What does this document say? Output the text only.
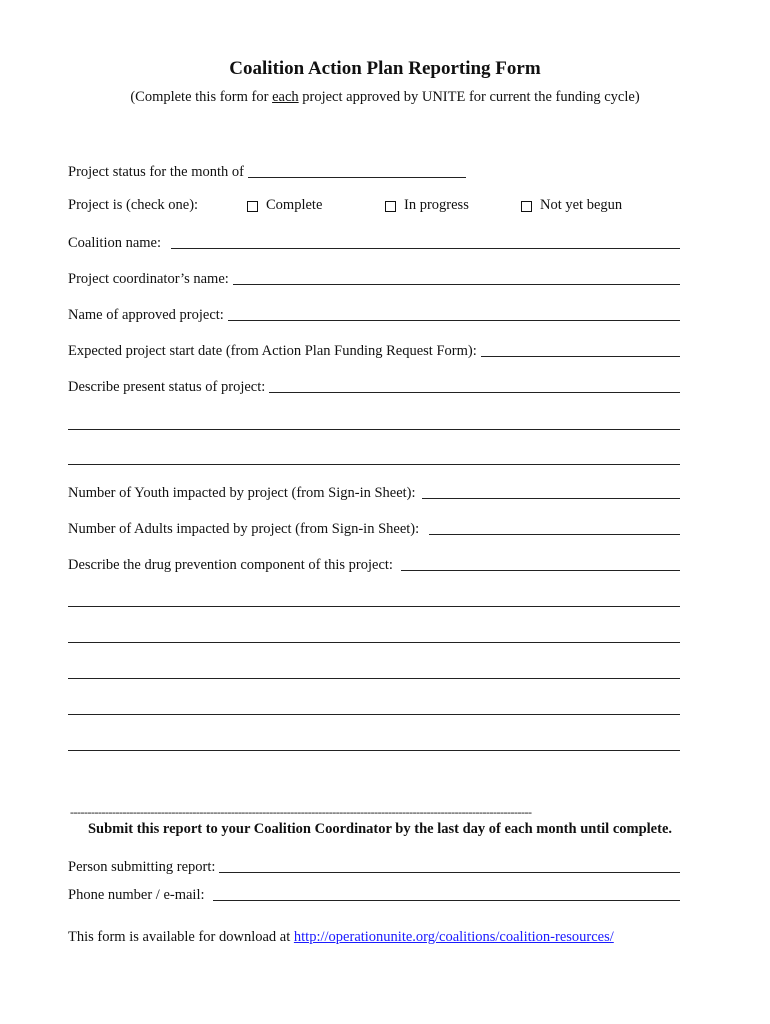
Coalition Action Plan Reporting Form
(Complete this form for each project approved by UNITE for current the funding cycle)
Project status for the month of
Project is (check one):	Complete	In progress	Not yet begun
Coalition name:
Project coordinator’s name:
Name of approved project:
Expected project start date (from Action Plan Funding Request Form):
Describe present status of project:
Number of Youth impacted by project (from Sign-in Sheet):
Number of Adults impacted by project (from Sign-in Sheet):
Describe the drug prevention component of this project:
------------------------------------------------------------------------------------------------------------------------------------
Submit this report to your Coalition Coordinator by the last day of each month until complete.
Person submitting report:
Phone number / e-mail:
This form is available for download at http://operationunite.org/coalitions/coalition-resources/
